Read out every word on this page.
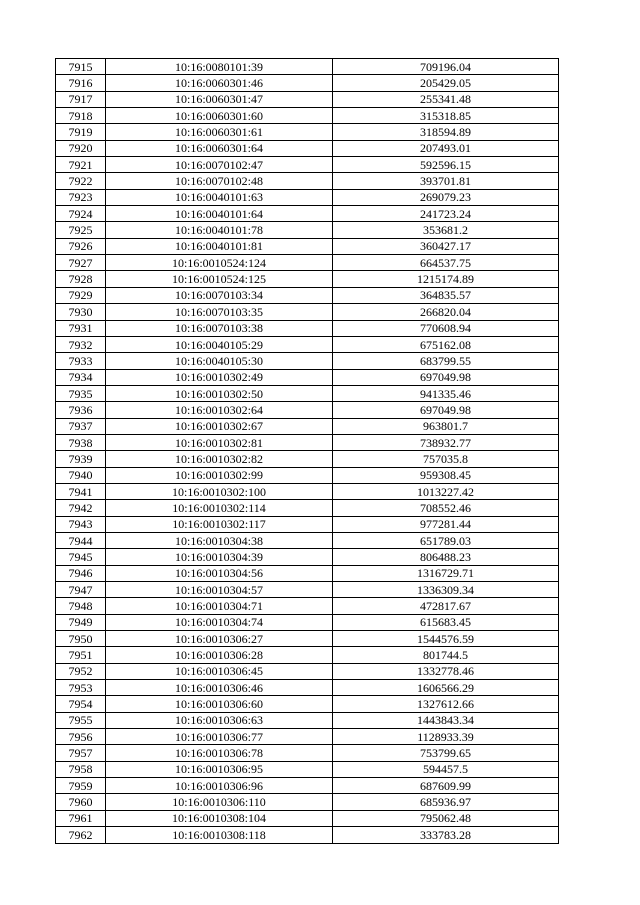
7915	10:16:0080101:39	709196.04
7916	10:16:0060301:46	205429.05
7917	10:16:0060301:47	255341.48
7918	10:16:0060301:60	315318.85
7919	10:16:0060301:61	318594.89
7920	10:16:0060301:64	207493.01
7921	10:16:0070102:47	592596.15
7922	10:16:0070102:48	393701.81
7923	10:16:0040101:63	269079.23
7924	10:16:0040101:64	241723.24
7925	10:16:0040101:78	353681.2
7926	10:16:0040101:81	360427.17
7927	10:16:0010524:124	664537.75
7928	10:16:0010524:125	1215174.89
7929	10:16:0070103:34	364835.57
7930	10:16:0070103:35	266820.04
7931	10:16:0070103:38	770608.94
7932	10:16:0040105:29	675162.08
7933	10:16:0040105:30	683799.55
7934	10:16:0010302:49	697049.98
7935	10:16:0010302:50	941335.46
7936	10:16:0010302:64	697049.98
7937	10:16:0010302:67	963801.7
7938	10:16:0010302:81	738932.77
7939	10:16:0010302:82	757035.8
7940	10:16:0010302:99	959308.45
7941	10:16:0010302:100	1013227.42
7942	10:16:0010302:114	708552.46
7943	10:16:0010302:117	977281.44
7944	10:16:0010304:38	651789.03
7945	10:16:0010304:39	806488.23
7946	10:16:0010304:56	1316729.71
7947	10:16:0010304:57	1336309.34
7948	10:16:0010304:71	472817.67
7949	10:16:0010304:74	615683.45
7950	10:16:0010306:27	1544576.59
7951	10:16:0010306:28	801744.5
7952	10:16:0010306:45	1332778.46
7953	10:16:0010306:46	1606566.29
7954	10:16:0010306:60	1327612.66
7955	10:16:0010306:63	1443843.34
7956	10:16:0010306:77	1128933.39
7957	10:16:0010306:78	753799.65
7958	10:16:0010306:95	594457.5
7959	10:16:0010306:96	687609.99
7960	10:16:0010306:110	685936.97
7961	10:16:0010308:104	795062.48
7962	10:16:0010308:118	333783.28
